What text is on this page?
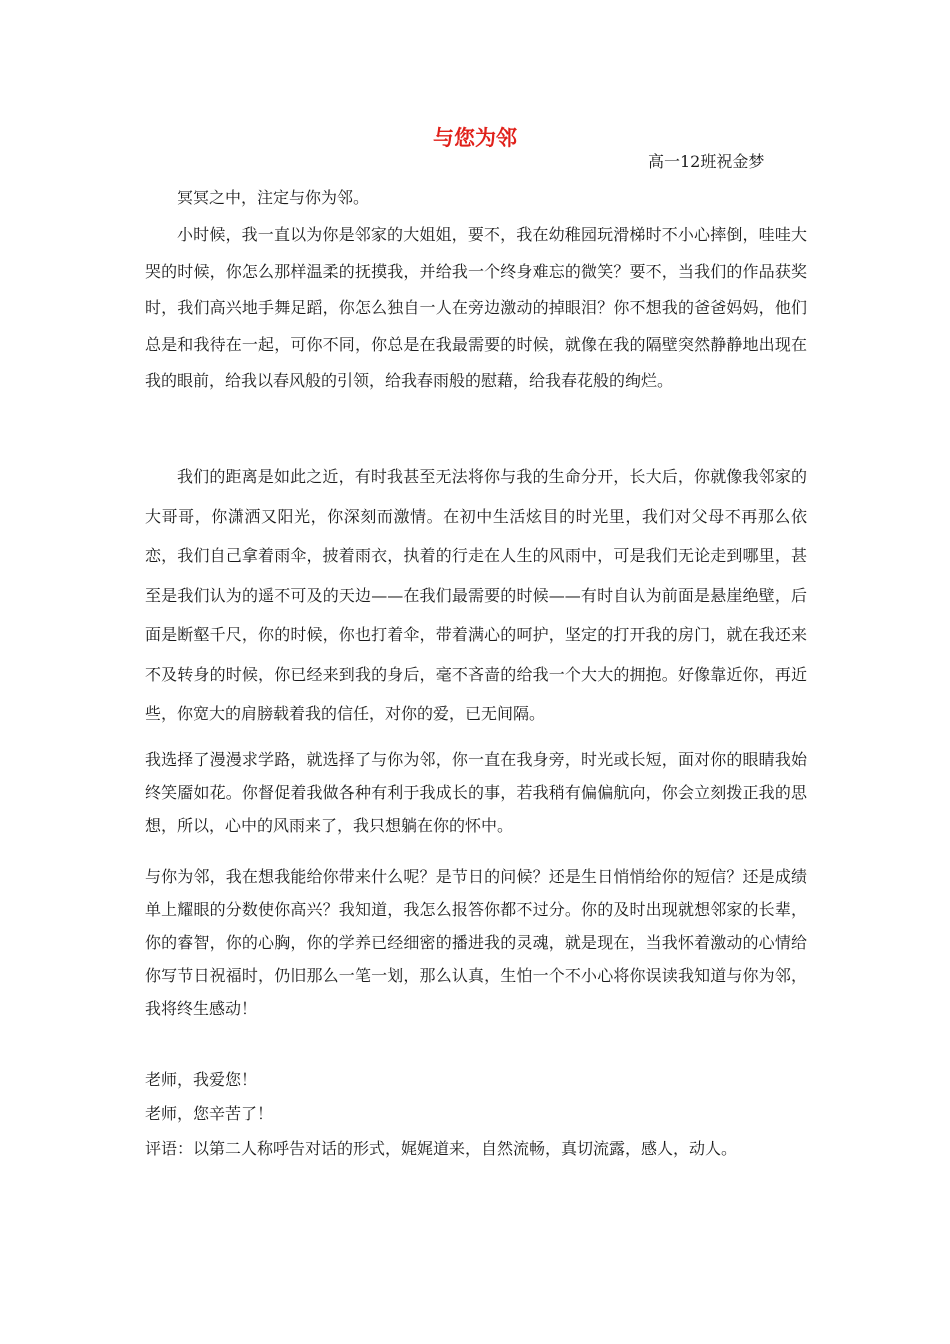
与您为邻

高一12班祝金梦

冥冥之中，注定与你为邻。

小时候，我一直以为你是邻家的大姐姐，要不，我在幼稚园玩滑梯时不小心摔倒，哇哇大哭的时候，你怎么那样温柔的抚摸我，并给我一个终身难忘的微笑？要不，当我们的作品获奖时，我们高兴地手舞足蹈，你怎么独自一人在旁边激动的掉眼泪？你不想我的爸爸妈妈，他们总是和我待在一起，可你不同，你总是在我最需要的时候，就像在我的隔壁突然静静地出现在我的眼前，给我以春风般的引领，给我春雨般的慰藉，给我春花般的绚烂。

我们的距离是如此之近，有时我甚至无法将你与我的生命分开，长大后，你就像我邻家的大哥哥，你潇洒又阳光，你深刻而激情。在初中生活炫目的时光里，我们对父母不再那么依恋，我们自己拿着雨伞，披着雨衣，执着的行走在人生的风雨中，可是我们无论走到哪里，甚至是我们认为的遥不可及的天边——在我们最需要的时候——有时自认为前面是悬崖绝壁，后面是断壑千尺，你的时候，你也打着伞，带着满心的呵护，坚定的打开我的房门，就在我还来不及转身的时候，你已经来到我的身后，毫不吝啬的给我一个大大的拥抱。好像靠近你，再近些，你宽大的肩膀载着我的信任，对你的爱，已无间隔。

我选择了漫漫求学路，就选择了与你为邻，你一直在我身旁，时光或长短，面对你的眼睛我始终笑靥如花。你督促着我做各种有利于我成长的事，若我稍有偏偏航向，你会立刻拨正我的思想，所以，心中的风雨来了，我只想躺在你的怀中。

与你为邻，我在想我能给你带来什么呢？是节日的问候？还是生日悄悄给你的短信？还是成绩单上耀眼的分数使你高兴？我知道，我怎么报答你都不过分。你的及时出现就想邻家的长辈，你的睿智，你的心胸，你的学养已经细密的播进我的灵魂，就是现在，当我怀着激动的心情给你写节日祝福时，仍旧那么一笔一划，那么认真，生怕一个不小心将你误读我知道与你为邻，我将终生感动！

老师，我爱您！

老师，您辛苦了！

评语：以第二人称呼告对话的形式，娓娓道来，自然流畅，真切流露，感人，动人。
